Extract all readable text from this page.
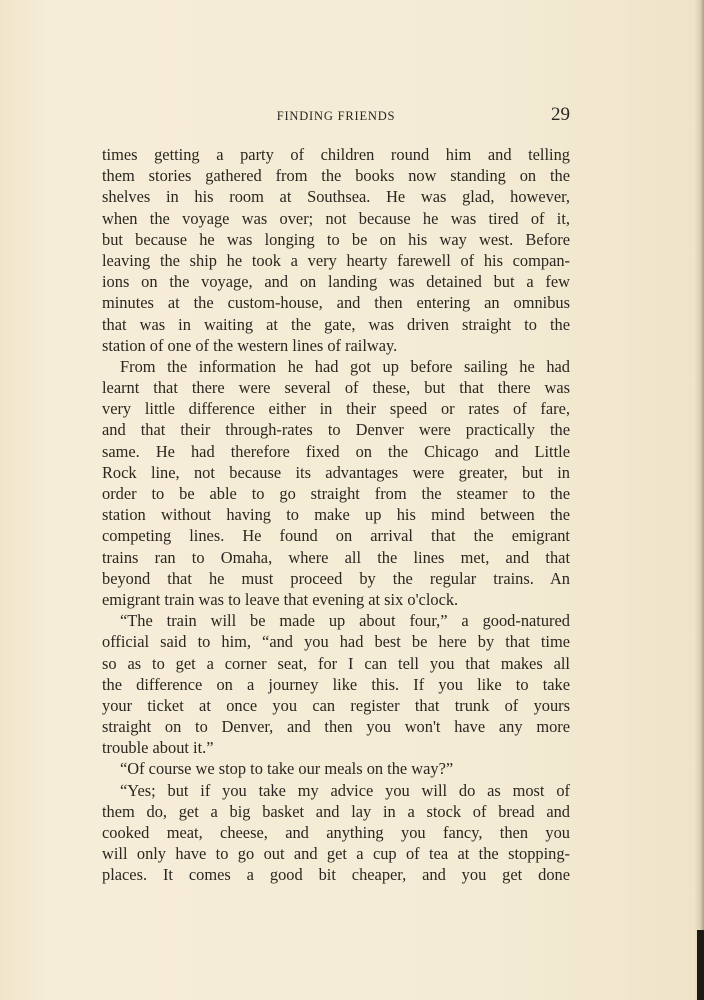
FINDING FRIENDS	29
times getting a party of children round him and telling
them stories gathered from the books now standing on the
shelves in his room at Southsea. He was glad, however,
when the voyage was over; not because he was tired of it,
but because he was longing to be on his way west. Before
leaving the ship he took a very hearty farewell of his compan-
ions on the voyage, and on landing was detained but a few
minutes at the custom-house, and then entering an omnibus
that was in waiting at the gate, was driven straight to the
station of one of the western lines of railway.
From the information he had got up before sailing he had
learnt that there were several of these, but that there was
very little difference either in their speed or rates of fare,
and that their through-rates to Denver were practically the
same. He had therefore fixed on the Chicago and Little
Rock line, not because its advantages were greater, but in
order to be able to go straight from the steamer to the
station without having to make up his mind between the
competing lines. He found on arrival that the emigrant
trains ran to Omaha, where all the lines met, and that
beyond that he must proceed by the regular trains. An
emigrant train was to leave that evening at six o'clock.
“The train will be made up about four,” a good-natured
official said to him, “and you had best be here by that time
so as to get a corner seat, for I can tell you that makes all
the difference on a journey like this. If you like to take
your ticket at once you can register that trunk of yours
straight on to Denver, and then you won't have any more
trouble about it.”
“Of course we stop to take our meals on the way?”
“Yes; but if you take my advice you will do as most of
them do, get a big basket and lay in a stock of bread and
cooked meat, cheese, and anything you fancy, then you
will only have to go out and get a cup of tea at the stopping-
places. It comes a good bit cheaper, and you get done
